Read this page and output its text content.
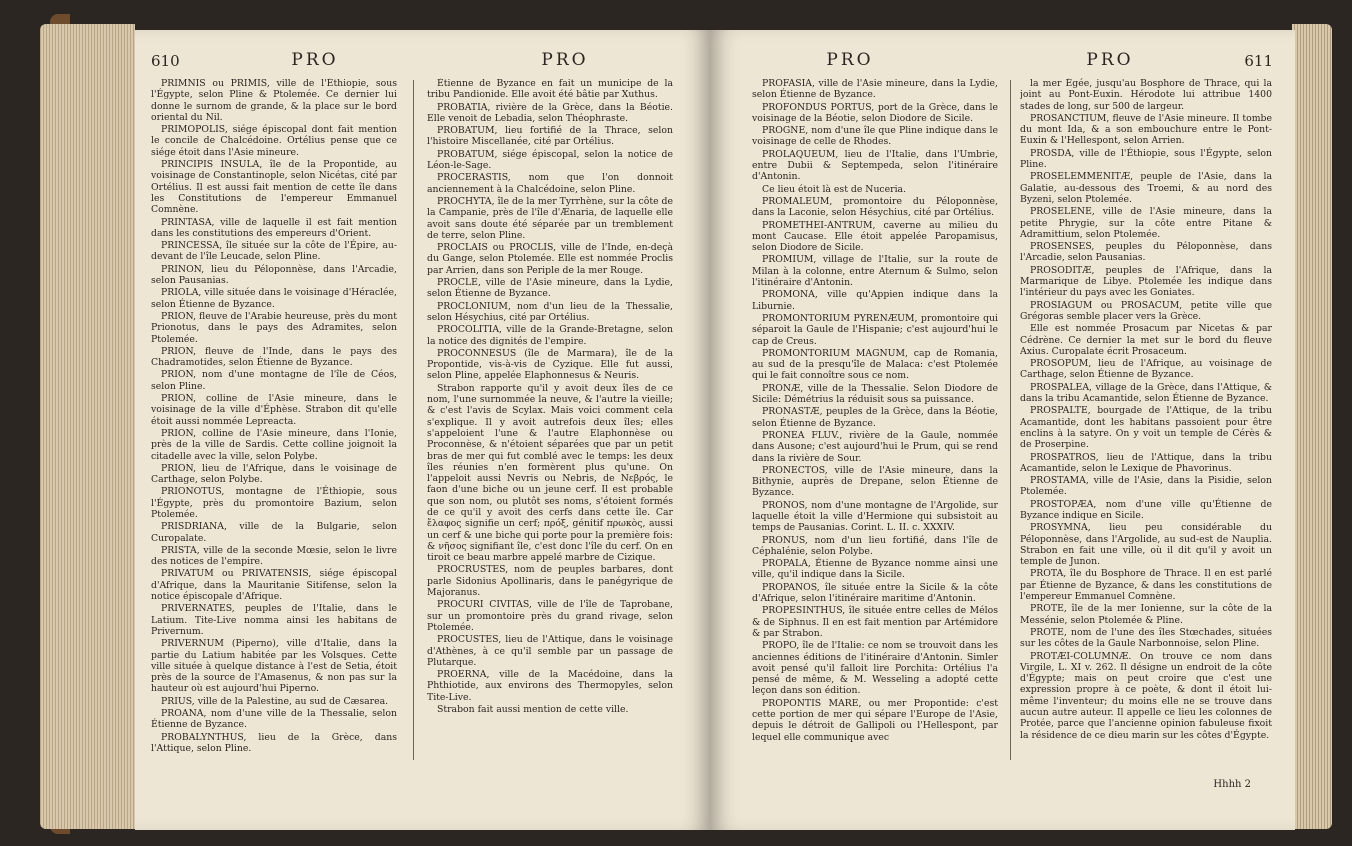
610	PRO	PRO

PRIMNIS ou PRIMIS, ville de l'Éthiopie, sous l'Égypte, selon Pline & Ptolemée. Ce dernier lui donne le surnom de grande, & la place sur le bord oriental du Nil.

PRIMOPOLIS, siége épiscopal dont fait mention le concile de Chalcédoine. Ortélius pense que ce siége étoit dans l'Asie mineure.

PRINCIPIS INSULA, île de la Propontide, au voisinage de Constantinople, selon Nicétas, cité par Ortélius. Il est aussi fait mention de cette île dans les Constitutions de l'empereur Emmanuel Comnène.

PRINTASA, ville de laquelle il est fait mention dans les constitutions des empereurs d'Orient.

PRINCESSA, île située sur la côte de l'Épire, au-devant de l'île Leucade, selon Pline.

PRINON, lieu du Péloponnèse, dans l'Arcadie, selon Pausanias.

PRIOLA, ville située dans le voisinage d'Héraclée, selon Étienne de Byzance.

PRION, fleuve de l'Arabie heureuse, près du mont Prionotus, dans le pays des Adramites, selon Ptolemée.

PRION, fleuve de l'Inde, dans le pays des Chadramotides, selon Étienne de Byzance.

PRION, nom d'une montagne de l'île de Céos, selon Pline.

PRION, colline de l'Asie mineure, dans le voisinage de la ville d'Éphèse. Strabon dit qu'elle étoit aussi nommée Lepreacta.

PRION, colline de l'Asie mineure, dans l'Ionie, près de la ville de Sardis. Cette colline joignoit la citadelle avec la ville, selon Polybe.

PRION, lieu de l'Afrique, dans le voisinage de Carthage, selon Polybe.

PRIONOTUS, montagne de l'Éthiopie, sous l'Égypte, près du promontoire Bazium, selon Ptolemée.

PRISDRIANA, ville de la Bulgarie, selon Curopalate.

PRISTA, ville de la seconde Mœsie, selon le livre des notices de l'empire.

PRIVATUM ou PRIVATENSIS, siége épiscopal d'Afrique, dans la Mauritanie Sitifense, selon la notice épiscopale d'Afrique.

PRIVERNATES, peuples de l'Italie, dans le Latium. Tite-Live nomma ainsi les habitans de Privernum.

PRIVERNUM (Piperno), ville d'Italie, dans la partie du Latium habitée par les Volsques. Cette ville située à quelque distance à l'est de Setia, étoit près de la source de l'Amasenus, & non pas sur la hauteur où est aujourd'hui Piperno.

PRIUS, ville de la Palestine, au sud de Cæsarea.

PROANA, nom d'une ville de la Thessalie, selon Étienne de Byzance.

PROBALYNTHUS, lieu de la Grèce, dans l'Attique, selon Pline.

Étienne de Byzance en fait un municipe de la tribu Pandionide. Elle avoit été bâtie par Xuthus.

PROBATIA, rivière de la Grèce, dans la Béotie. Elle venoit de Lebadia, selon Théophraste.

PROBATUM, lieu fortifié de la Thrace, selon l'histoire Miscellanée, cité par Ortélius.

PROBATUM, siége épiscopal, selon la notice de Léon-le-Sage.

PROCERASTIS, nom que l'on donnoit anciennement à la Chalcédoine, selon Pline.

PROCHYTA, île de la mer Tyrrhène, sur la côte de la Campanie, près de l'île d'Ænaria, de laquelle elle avoit sans doute été séparée par un tremblement de terre, selon Pline.

PROCLAIS ou PROCLIS, ville de l'Inde, en-deçà du Gange, selon Ptolemée. Elle est nommée Proclis par Arrien, dans son Periple de la mer Rouge.

PROCLE, ville de l'Asie mineure, dans la Lydie, selon Étienne de Byzance.

PROCLONIUM, nom d'un lieu de la Thessalie, selon Hésychius, cité par Ortélius.

PROCOLITIA, ville de la Grande-Bretagne, selon la notice des dignités de l'empire.

PROCONNESUS (île de Marmara), île de la Propontide, vis-à-vis de Cyzique. Elle fut aussi, selon Pline, appelée Elaphonnesus & Neuris.

Strabon rapporte qu'il y avoit deux îles de ce nom, l'une surnommée la neuve, & l'autre la vieille; & c'est l'avis de Scylax. Mais voici comment cela s'explique. Il y avoit autrefois deux îles; elles s'appeloient l'une & l'autre Elaphonnèse ou Proconnèse, & n'étoient séparées que par un petit bras de mer qui fut comblé avec le temps: les deux îles réunies n'en formèrent plus qu'une. On l'appeloit aussi Nevris ou Nebris, de Νεβρός, le faon d'une biche ou un jeune cerf. Il est probable que son nom, ou plutôt ses noms, s'étoient formés de ce qu'il y avoit des cerfs dans cette île. Car ἔλαφος signifie un cerf; πρόξ, génitif πρωκὸς, aussi un cerf & une biche qui porte pour la première fois: & νῆσος signifiant île, c'est donc l'île du cerf. On en tiroit ce beau marbre appelé marbre de Cizique.

PROCRUSTES, nom de peuples barbares, dont parle Sidonius Apollinaris, dans le panégyrique de Majoranus.

PROCURI CIVITAS, ville de l'île de Taprobane, sur un promontoire près du grand rivage, selon Ptolemée.

PROCUSTES, lieu de l'Attique, dans le voisinage d'Athènes, à ce qu'il semble par un passage de Plutarque.

PROERNA, ville de la Macédoine, dans la Phthiotide, aux environs des Thermopyles, selon Tite-Live.

Strabon fait aussi mention de cette ville.

PRO	PRO	611

PROFASIA, ville de l'Asie mineure, dans la Lydie, selon Étienne de Byzance.

PROFONDUS PORTUS, port de la Grèce, dans le voisinage de la Béotie, selon Diodore de Sicile.

PROGNE, nom d'une île que Pline indique dans le voisinage de celle de Rhodes.

PROLAQUEUM, lieu de l'Italie, dans l'Umbrie, entre Dubii & Septempeda, selon l'itinéraire d'Antonin.

Ce lieu étoit là est de Nuceria.

PROMALEUM, promontoire du Péloponnèse, dans la Laconie, selon Hésychius, cité par Ortélius.

PROMETHEI-ANTRUM, caverne au milieu du mont Caucase. Elle étoit appelée Paropamisus, selon Diodore de Sicile.

PROMIUM, village de l'Italie, sur la route de Milan à la colonne, entre Aternum & Sulmo, selon l'itinéraire d'Antonin.

PROMONA, ville qu'Appien indique dans la Liburnie.

PROMONTORIUM PYRENÆUM, promontoire qui séparoit la Gaule de l'Hispanie; c'est aujourd'hui le cap de Creus.

PROMONTORIUM MAGNUM, cap de Romania, au sud de la presqu'île de Malaca: c'est Ptolemée qui le fait connoître sous ce nom.

PRONÆ, ville de la Thessalie. Selon Diodore de Sicile: Démétrius la réduisit sous sa puissance.

PRONASTÆ, peuples de la Grèce, dans la Béotie, selon Étienne de Byzance.

PRONEA FLUV., rivière de la Gaule, nommée dans Ausone; c'est aujourd'hui le Prum, qui se rend dans la rivière de Sour.

PRONECTOS, ville de l'Asie mineure, dans la Bithynie, auprès de Drepane, selon Étienne de Byzance.

PRONOS, nom d'une montagne de l'Argolide, sur laquelle étoit la ville d'Hermione qui subsistoit au temps de Pausanias. Corint. L. II. c. XXXIV.

PRONUS, nom d'un lieu fortifié, dans l'île de Céphalénie, selon Polybe.

PROPALA, Étienne de Byzance nomme ainsi une ville, qu'il indique dans la Sicile.

PROPANOS, île située entre la Sicile & la côte d'Afrique, selon l'itinéraire maritime d'Antonin.

PROPESINTHUS, île située entre celles de Mélos & de Siphnus. Il en est fait mention par Artémidore & par Strabon.

PROPO, île de l'Italie: ce nom se trouvoit dans les anciennes éditions de l'itinéraire d'Antonin. Simler avoit pensé qu'il falloit lire Porchita: Ortélius l'a pensé de même, & M. Wesseling a adopté cette leçon dans son édition.

PROPONTIS MARE, ou mer Propontide: c'est cette portion de mer qui sépare l'Europe de l'Asie, depuis le détroit de Gallipoli ou l'Hellespont, par lequel elle communique avec

la mer Égée, jusqu'au Bosphore de Thrace, qui la joint au Pont-Euxin. Hérodote lui attribue 1400 stades de long, sur 500 de largeur.

PROSANCTIUM, fleuve de l'Asie mineure. Il tombe du mont Ida, & a son embouchure entre le Pont-Euxin & l'Hellespont, selon Arrien.

PROSDA, ville de l'Éthiopie, sous l'Égypte, selon Pline.

PROSELEMMENITÆ, peuple de l'Asie, dans la Galatie, au-dessous des Troemi, & au nord des Byzeni, selon Ptolemée.

PROSELENE, ville de l'Asie mineure, dans la petite Phrygie, sur la côte entre Pitane & Adramittium, selon Ptolemée.

PROSENSES, peuples du Péloponnèse, dans l'Arcadie, selon Pausanias.

PROSODITÆ, peuples de l'Afrique, dans la Marmarique de Libye. Ptolemée les indique dans l'intérieur du pays avec les Goniates.

PROSIAGUM ou PROSACUM, petite ville que Grégoras semble placer vers la Grèce.

Elle est nommée Prosacum par Nicetas & par Cédrène. Ce dernier la met sur le bord du fleuve Axius. Curopalate écrit Prosaceum.

PROSOPUM, lieu de l'Afrique, au voisinage de Carthage, selon Étienne de Byzance.

PROSPALEA, village de la Grèce, dans l'Attique, & dans la tribu Acamantide, selon Étienne de Byzance.

PROSPALTE, bourgade de l'Attique, de la tribu Acamantide, dont les habitans passoient pour être enclins à la satyre. On y voit un temple de Cérès & de Proserpine.

PROSPATROS, lieu de l'Attique, dans la tribu Acamantide, selon le Lexique de Phavorinus.

PROSTAMA, ville de l'Asie, dans la Pisidie, selon Ptolemée.

PROSTOPÆA, nom d'une ville qu'Étienne de Byzance indique en Sicile.

PROSYMNA, lieu peu considérable du Péloponnèse, dans l'Argolide, au sud-est de Nauplia. Strabon en fait une ville, où il dit qu'il y avoit un temple de Junon.

PROTA, île du Bosphore de Thrace. Il en est parlé par Étienne de Byzance, & dans les constitutions de l'empereur Emmanuel Comnène.

PROTE, île de la mer Ionienne, sur la côte de la Messénie, selon Ptolemée & Pline.

PROTE, nom de l'une des îles Stœchades, situées sur les côtes de la Gaule Narbonnoise, selon Pline.

PROTÆI-COLUMNÆ. On trouve ce nom dans Virgile, L. XI v. 262. Il désigne un endroit de la côte d'Égypte; mais on peut croire que c'est une expression propre à ce poète, & dont il étoit lui-même l'inventeur; du moins elle ne se trouve dans aucun autre auteur. Il appelle ce lieu les colonnes de Protée, parce que l'ancienne opinion fabuleuse fixoit la résidence de ce dieu marin sur les côtes d'Égypte.

Hhhh 2
